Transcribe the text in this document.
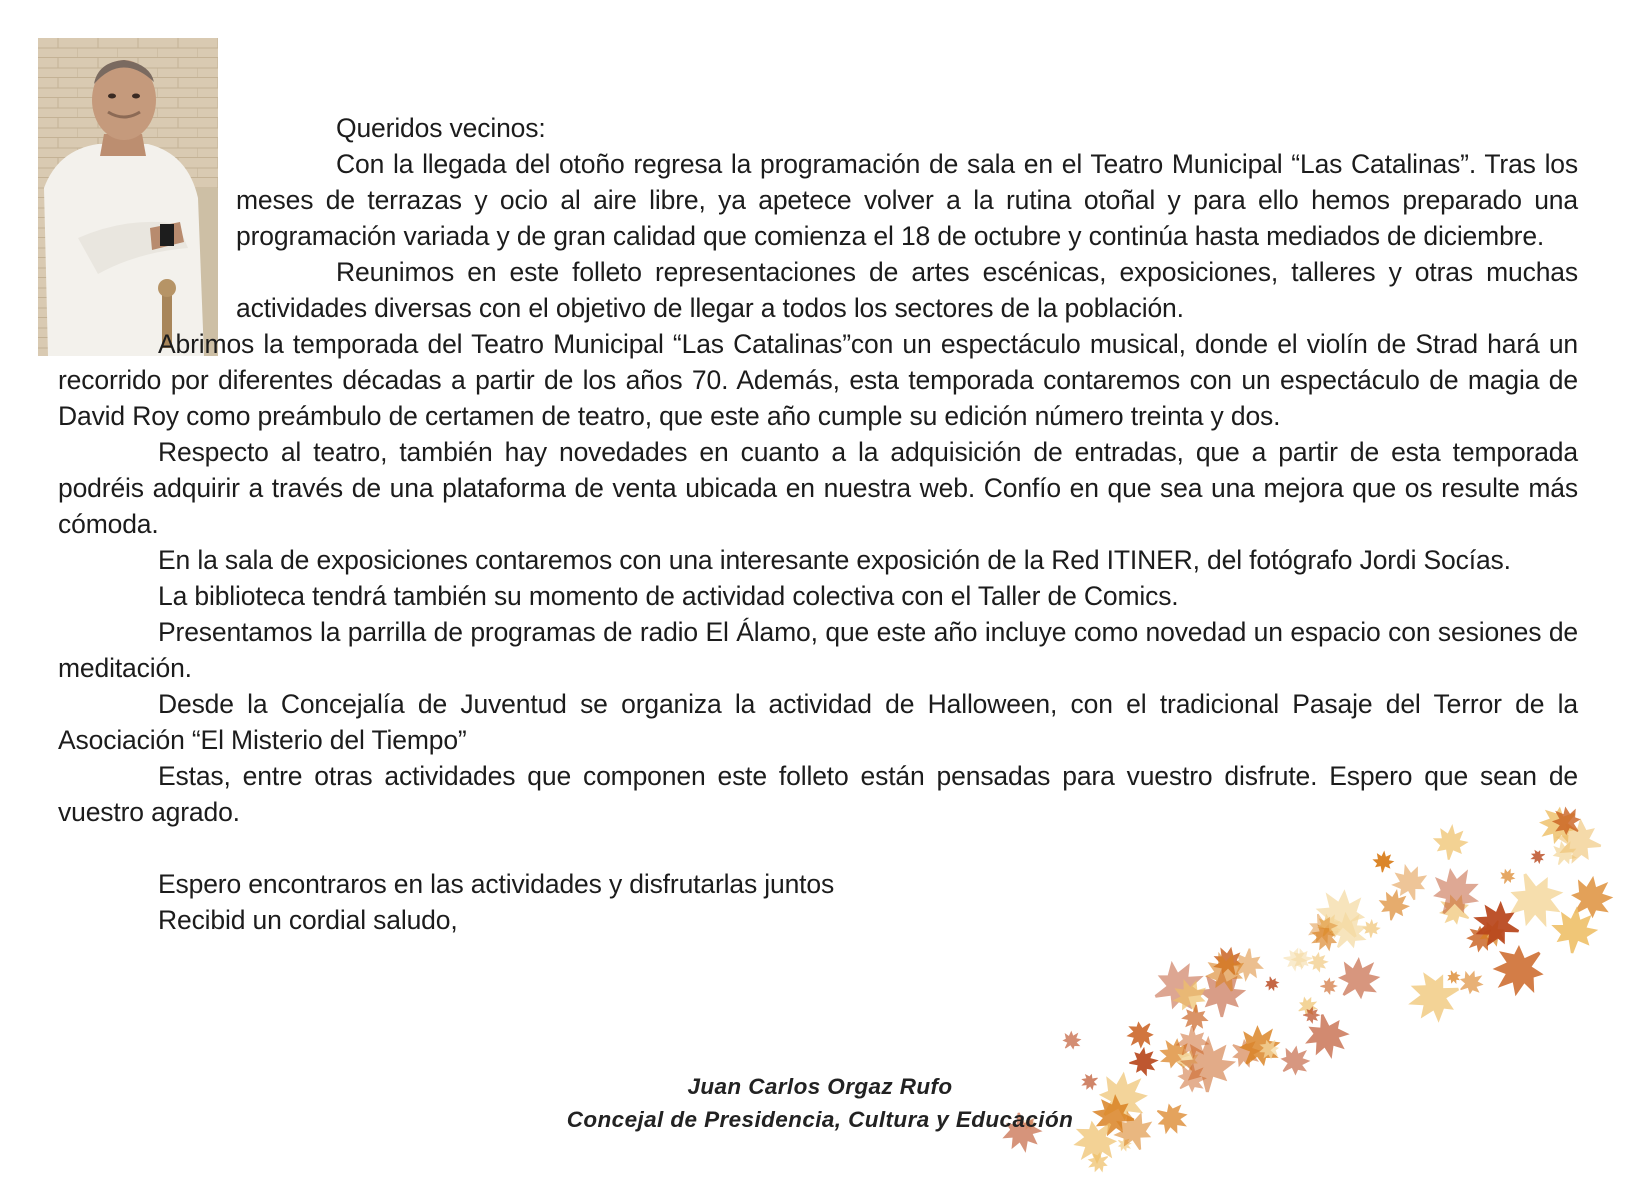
Queridos vecinos:

Con la llegada del otoño regresa la programación de sala en el Teatro Municipal “Las Catalinas”. Tras los meses de terrazas y ocio al aire libre, ya apetece volver a la rutina otoñal y para ello hemos preparado una programación variada y de gran calidad que comienza el 18 de octubre y continúa hasta mediados de diciembre.

Reunimos en este folleto representaciones de artes escénicas, exposiciones, talleres y otras muchas actividades diversas con el objetivo de llegar a todos los sectores de la población.

Abrimos la temporada del Teatro Municipal “Las Catalinas”con un espectáculo musical, donde el violín de Strad hará un recorrido por diferentes décadas a partir de los años 70. Además, esta temporada contaremos con un espectáculo de magia de David Roy como preámbulo de certamen de teatro, que este año cumple su edición número treinta y dos.

Respecto al teatro, también hay novedades en cuanto a la adquisición de entradas, que a partir de esta temporada podréis adquirir a través de una plataforma de venta ubicada en nuestra web. Confío en que sea una mejora que os resulte más cómoda.

En la sala de exposiciones contaremos con una interesante exposición de la Red ITINER, del fotógrafo Jordi Socías.

La biblioteca tendrá también su momento de actividad colectiva con el Taller de Comics.

Presentamos la parrilla de programas de radio El Álamo, que este año incluye como novedad un espacio con sesiones de meditación.

Desde la Concejalía de Juventud se organiza la actividad de Halloween, con el tradicional Pasaje del Terror de la Asociación “El Misterio del Tiempo”

Estas, entre otras actividades que componen este folleto están pensadas para vuestro disfrute. Espero que sean de vuestro agrado.

Espero encontraros en las actividades y disfrutarlas juntos

Recibid un cordial saludo,

Juan Carlos Orgaz Rufo
Concejal de Presidencia, Cultura y Educación
